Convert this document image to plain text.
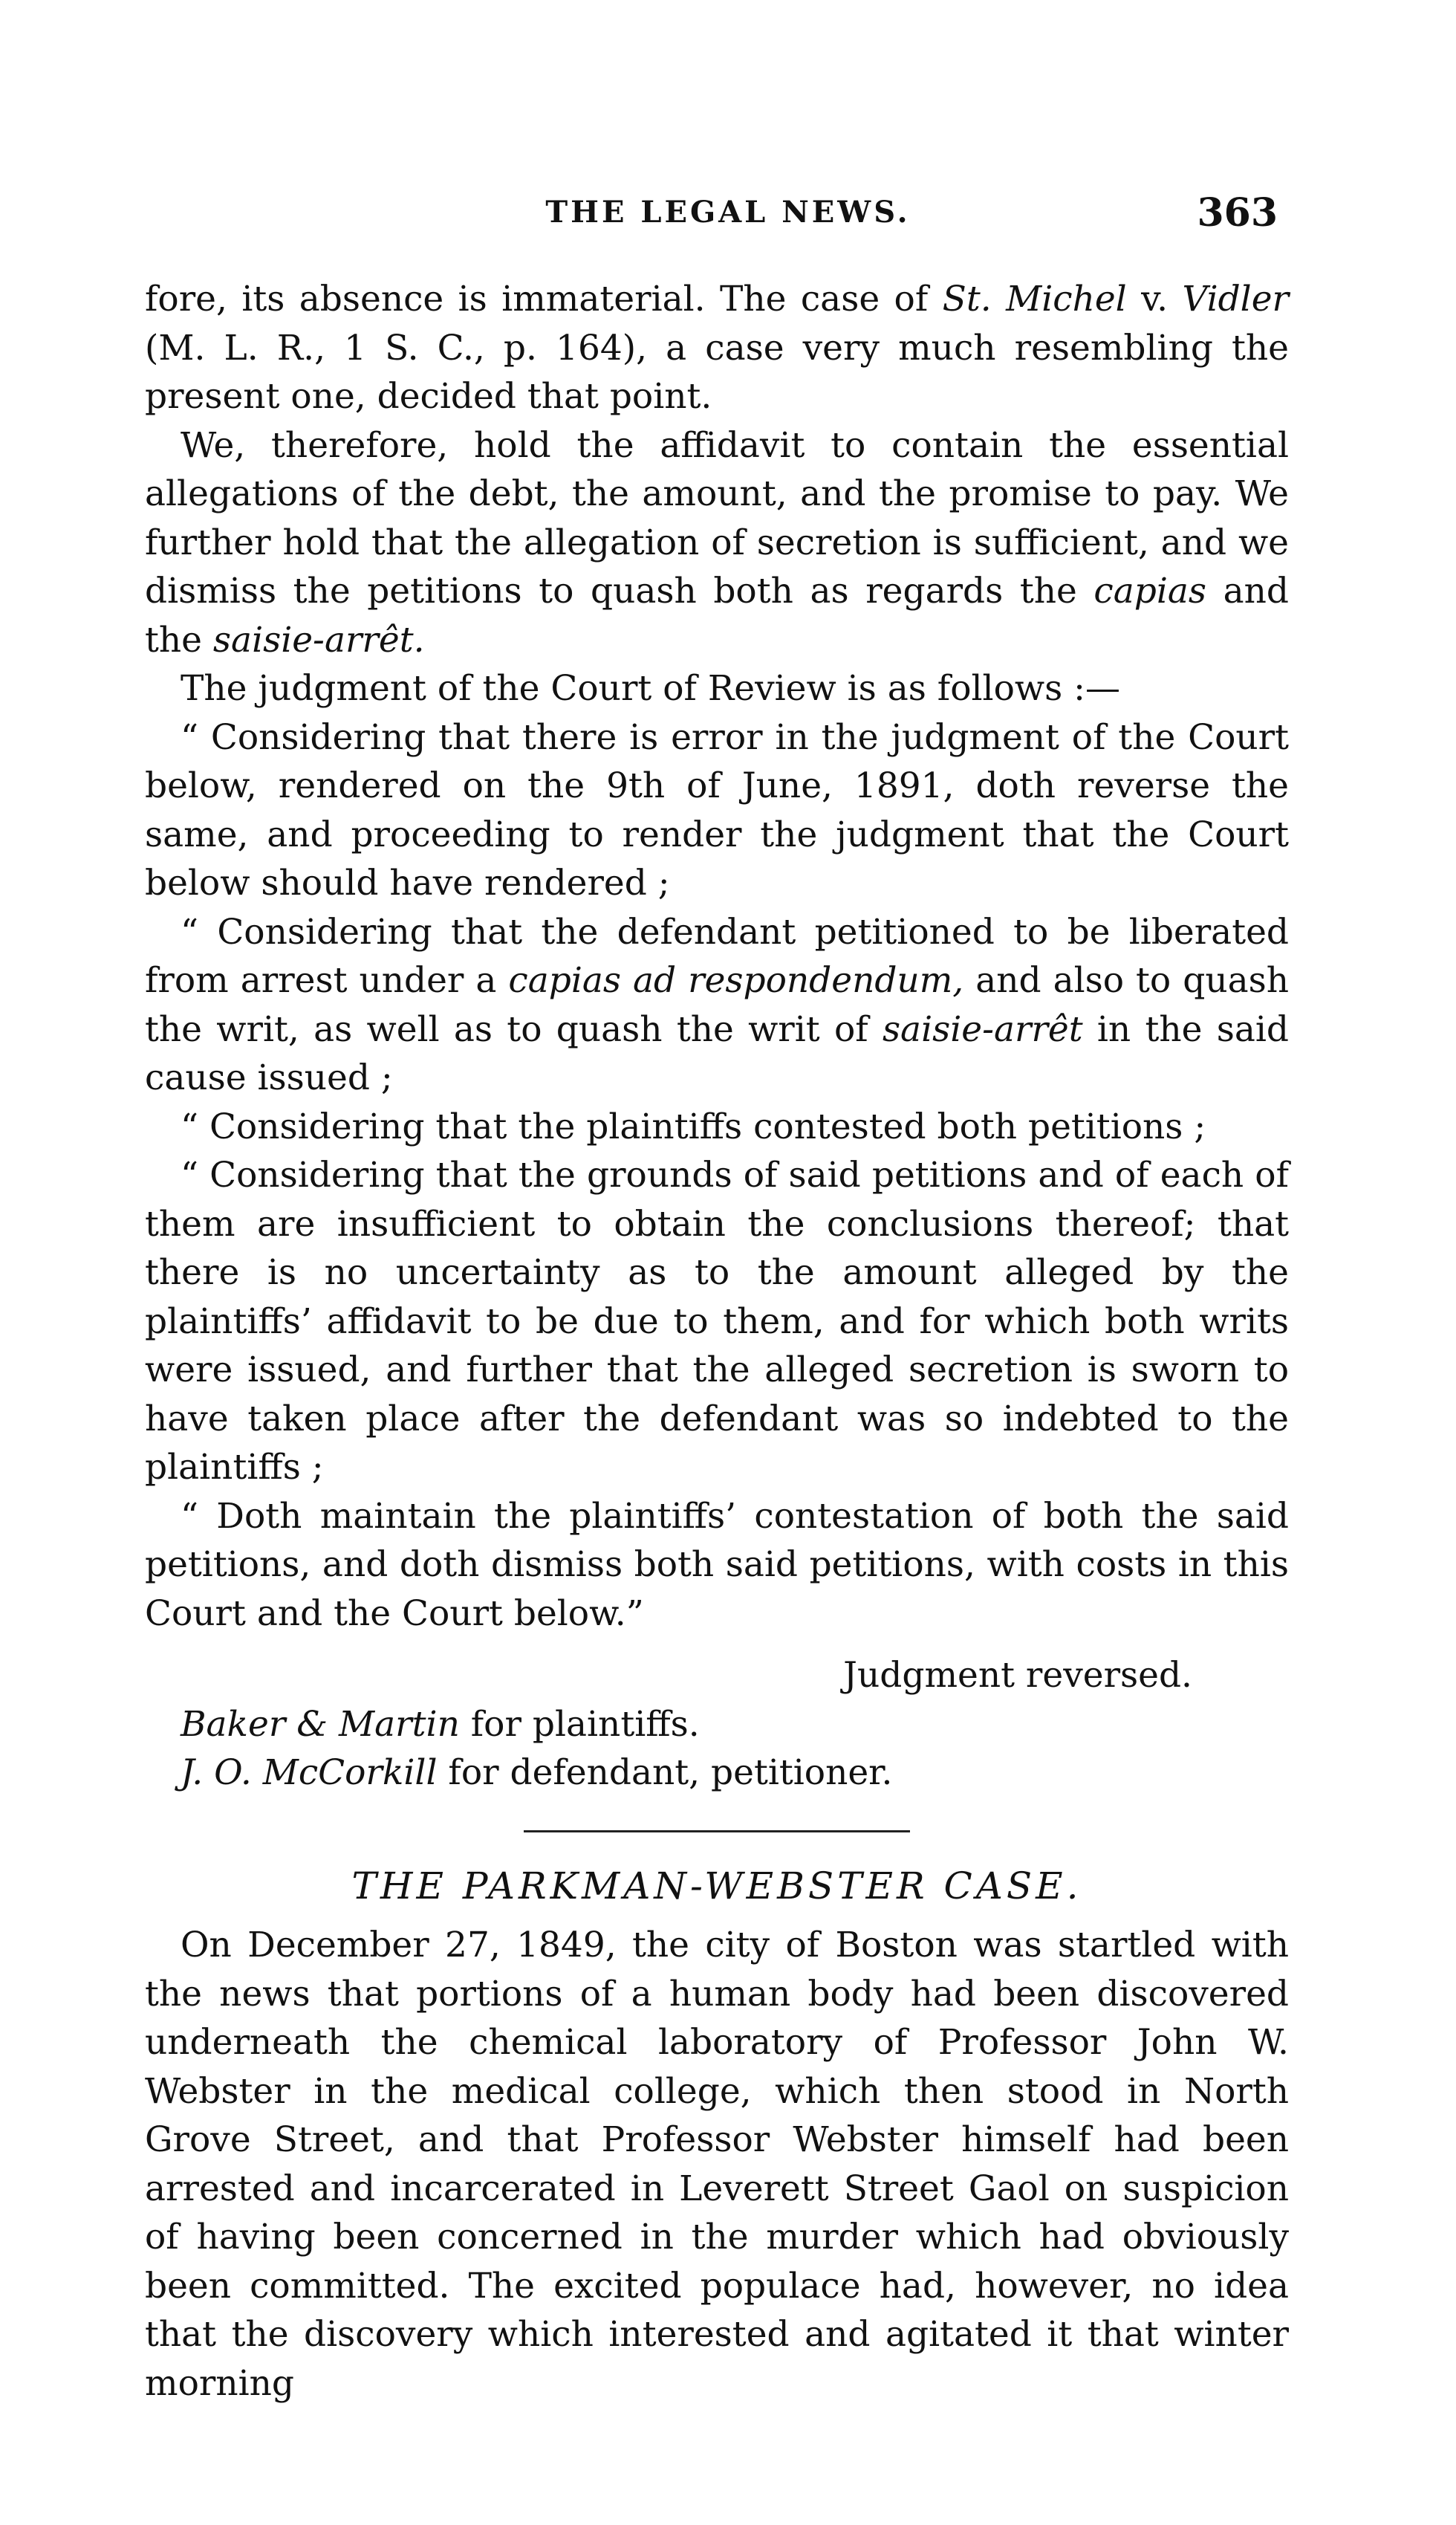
THE LEGAL NEWS.	363

fore, its absence is immaterial. The case of St. Michel v. Vidler (M. L. R., 1 S. C., p. 164), a case very much resembling the present one, decided that point.

We, therefore, hold the affidavit to contain the essential allegations of the debt, the amount, and the promise to pay. We further hold that the allegation of secretion is sufficient, and we dismiss the petitions to quash both as regards the capias and the saisie-arrêt.

The judgment of the Court of Review is as follows :—

“ Considering that there is error in the judgment of the Court below, rendered on the 9th of June, 1891, doth reverse the same, and proceeding to render the judgment that the Court below should have rendered ;

“ Considering that the defendant petitioned to be liberated from arrest under a capias ad respondendum, and also to quash the writ, as well as to quash the writ of saisie-arrêt in the said cause issued ;

“ Considering that the plaintiffs contested both petitions ;

“ Considering that the grounds of said petitions and of each of them are insufficient to obtain the conclusions thereof; that there is no uncertainty as to the amount alleged by the plaintiffs’ affidavit to be due to them, and for which both writs were issued, and further that the alleged secretion is sworn to have taken place after the defendant was so indebted to the plaintiffs ;

“ Doth maintain the plaintiffs’ contestation of both the said petitions, and doth dismiss both said petitions, with costs in this Court and the Court below.”

Judgment reversed.

Baker & Martin for plaintiffs.

J. O. McCorkill for defendant, petitioner.

THE PARKMAN-WEBSTER CASE.

On December 27, 1849, the city of Boston was startled with the news that portions of a human body had been discovered underneath the chemical laboratory of Professor John W. Webster in the medical college, which then stood in North Grove Street, and that Professor Webster himself had been arrested and incarcerated in Leverett Street Gaol on suspicion of having been concerned in the murder which had obviously been committed. The excited populace had, however, no idea that the discovery which interested and agitated it that winter morning
